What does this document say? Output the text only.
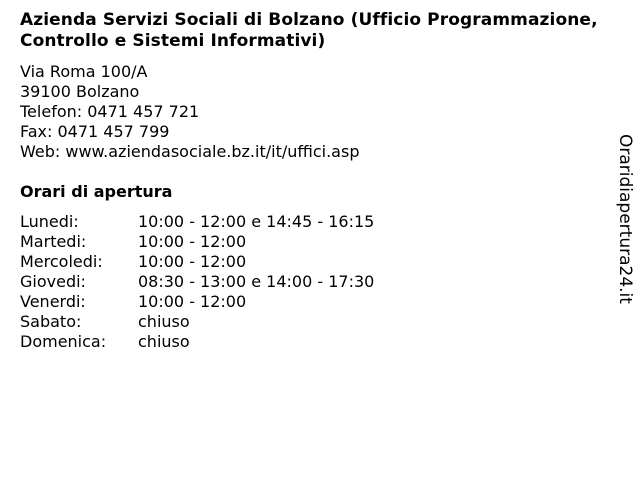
Azienda Servizi Sociali di Bolzano (Ufficio Programmazione, Controllo e Sistemi Informativi)
Via Roma 100/A
39100 Bolzano
Telefon: 0471 457 721
Fax: 0471 457 799
Web: www.aziendasociale.bz.it/it/uffici.asp
Orari di apertura
Lunedi:	10:00 - 12:00 e 14:45 - 16:15
Martedi:	10:00 - 12:00
Mercoledi:	10:00 - 12:00
Giovedi:	08:30 - 13:00 e 14:00 - 17:30
Venerdi:	10:00 - 12:00
Sabato:	chiuso
Domenica:	chiuso
Oraridiapertura24.it
